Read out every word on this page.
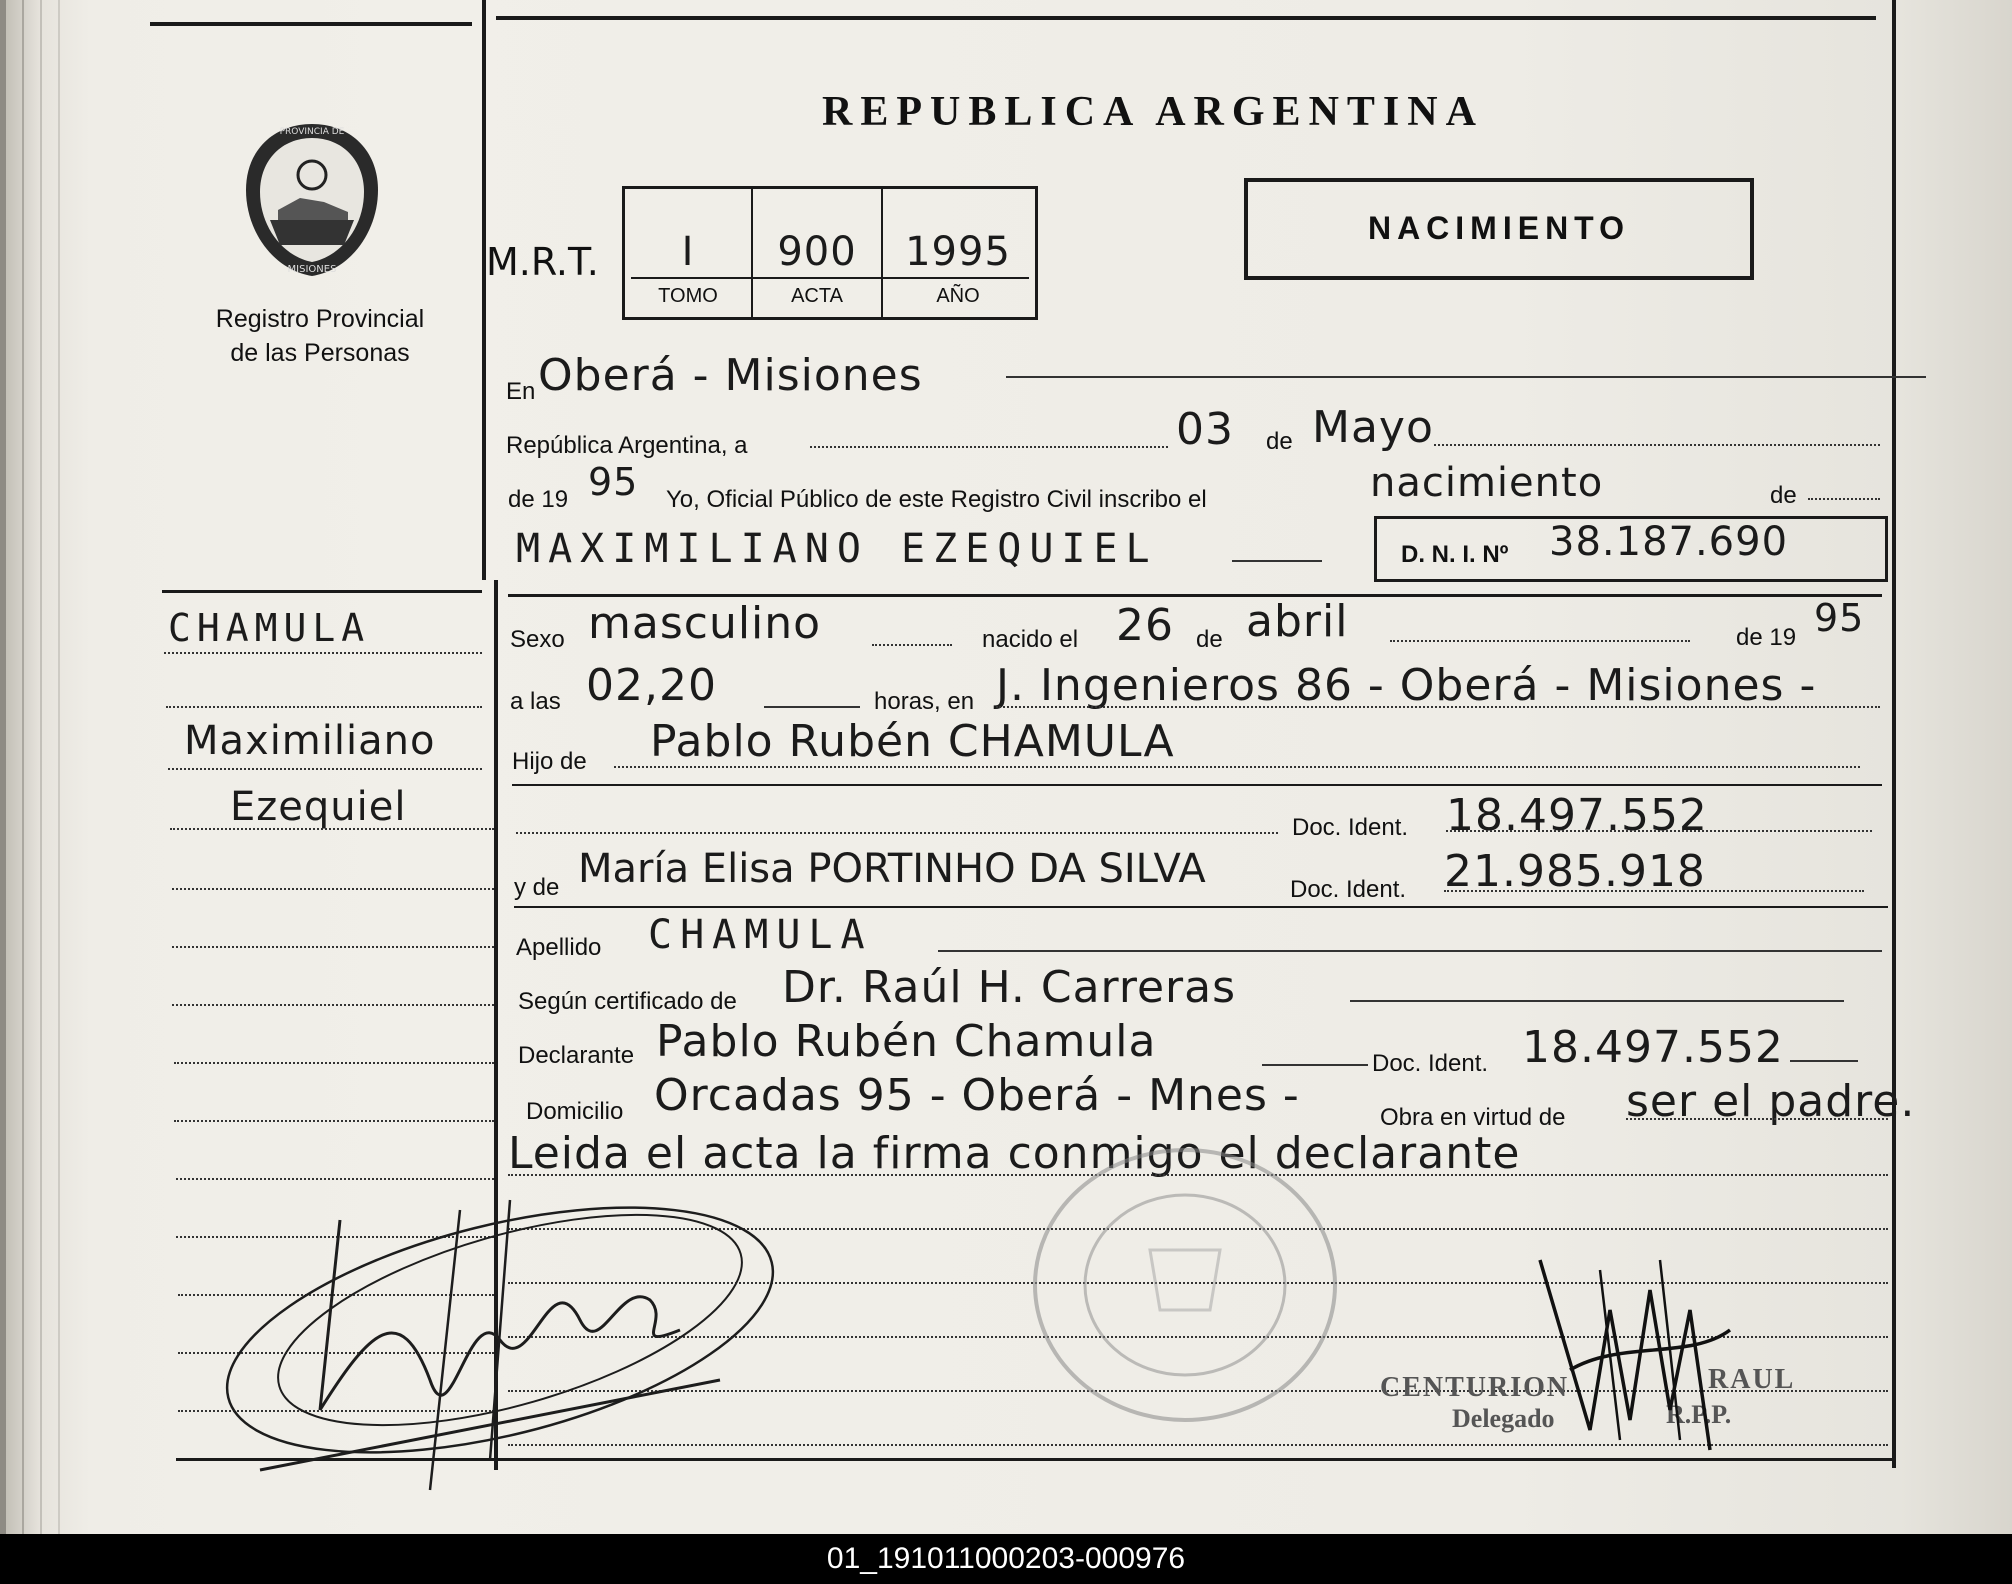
PROVINCIA DE
MISIONES
Registro Provincial
de las Personas
REPUBLICA ARGENTINA
M.R.T.	I	900	1995
TOMO	ACTA	AÑO
NACIMIENTO
CHAMULA
Maximiliano
Ezequiel
En Oberá - Misiones
República Argentina, a	03 de Mayo
de 19 95 Yo, Oficial Público de este Registro Civil inscribo el	nacimiento	de
MAXIMILIANO EZEQUIEL	D. N. I. Nº 38.187.690
Sexo masculino	nacido el 26 de abril	de 19 95
a las 02,20	horas, en J. Ingenieros 86 - Oberá - Misiones -
Hijo de Pablo Rubén CHAMULA
Doc. Ident. 18.497.552
y de María Elisa PORTINHO DA SILVA	Doc. Ident. 21.985.918
Apellido CHAMULA
Según certificado de Dr. Raúl H. Carreras
Declarante Pablo Rubén Chamula	Doc. Ident. 18.497.552
Domicilio Orcadas 95 - Oberá - Mnes -	Obra en virtud de ser el padre.
Leida el acta la firma conmigo el declarante
CENTURION	RAUL
Delegado	R.P.P.
01_191011000203-000976
